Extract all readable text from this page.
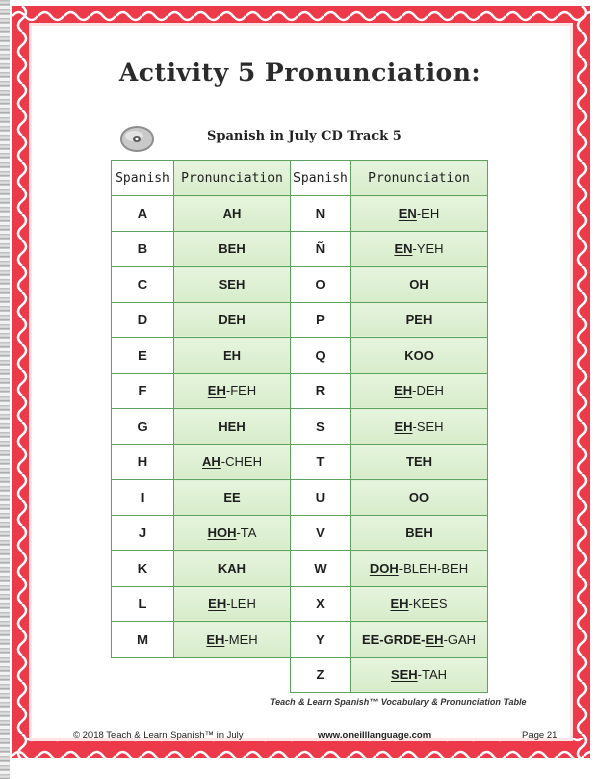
Activity 5 Pronunciation:
Spanish in July CD Track 5
Spanish	Pronunciation	Spanish	Pronunciation
A	AH	N	EN-EH
B	BEH	Ñ	EN-YEH
C	SEH	O	OH
D	DEH	P	PEH
E	EH	Q	KOO
F	EH-FEH	R	EH-DEH
G	HEH	S	EH-SEH
H	AH-CHEH	T	TEH
I	EE	U	OO
J	HOH-TA	V	BEH
K	KAH	W	DOH-BLEH-BEH
L	EH-LEH	X	EH-KEES
M	EH-MEH	Y	EE-GRDE-EH-GAH
		Z	SEH-TAH
Teach & Learn Spanish™ Vocabulary & Pronunciation Table
© 2018 Teach & Learn Spanish™ in July	www.oneilllanguage.com	Page 21
